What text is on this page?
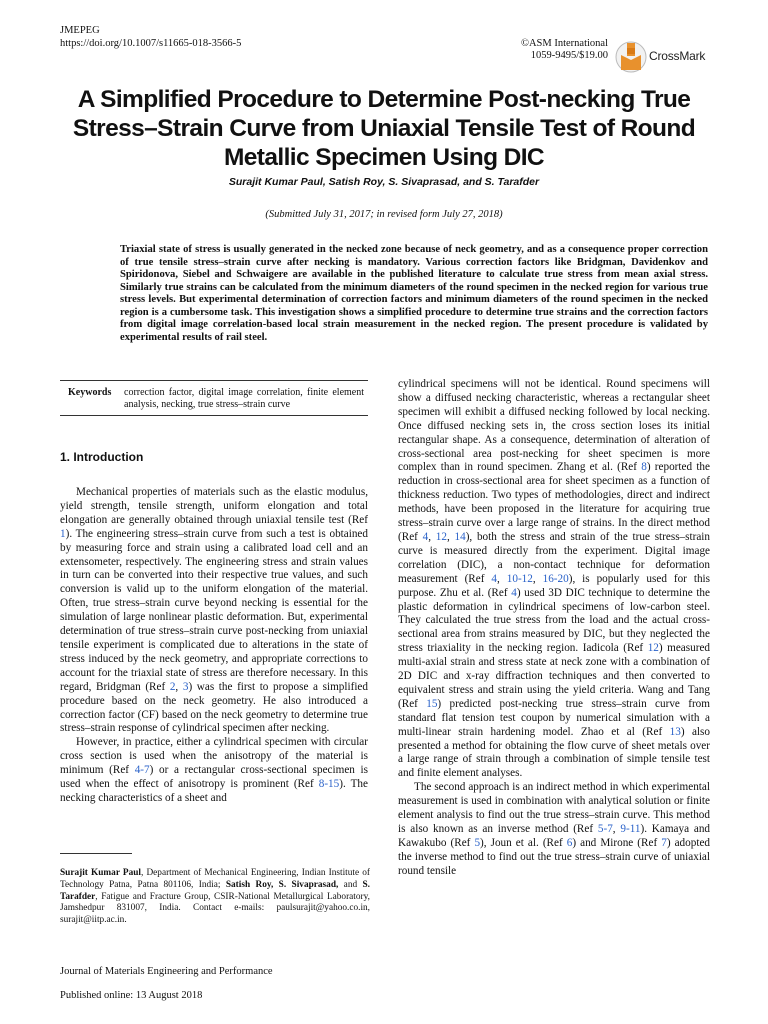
JMEPEG
https://doi.org/10.1007/s11665-018-3566-5	©ASM International
1059-9495/$19.00	CrossMark
A Simplified Procedure to Determine Post-necking True Stress–Strain Curve from Uniaxial Tensile Test of Round Metallic Specimen Using DIC
Surajit Kumar Paul, Satish Roy, S. Sivaprasad, and S. Tarafder
(Submitted July 31, 2017; in revised form July 27, 2018)
Triaxial state of stress is usually generated in the necked zone because of neck geometry, and as a consequence proper correction of true tensile stress–strain curve after necking is mandatory. Various correction factors like Bridgman, Davidenkov and Spiridonova, Siebel and Schwaigere are available in the published literature to calculate true stress from mean axial stress. Similarly true strains can be calculated from the minimum diameters of the round specimen in the necked region for various true stress levels. But experimental determination of correction factors and minimum diameters of the round specimen in the necked region is a cumbersome task. This investigation shows a simplified procedure to determine true strains and the correction factors from digital image correlation-based local strain measurement in the necked region. The present procedure is validated by experimental results of rail steel.
Keywords correction factor, digital image correlation, finite element analysis, necking, true stress–strain curve
1. Introduction

Mechanical properties of materials such as the elastic modulus, yield strength, tensile strength, uniform elongation and total elongation are generally obtained through uniaxial tensile test (Ref 1). The engineering stress–strain curve from such a test is obtained by measuring force and strain using a calibrated load cell and an extensometer, respectively. The engineering stress and strain values in turn can be converted into their respective true values, and such conversion is valid up to the uniform elongation of the material. Often, true stress–strain curve beyond necking is essential for the simulation of large nonlinear plastic deformation. But, experimental determination of true stress–strain curve post-necking from uniaxial tensile experiment is complicated due to alterations in the state of stress induced by the neck geometry, and appropriate corrections to account for the triaxial state of stress are therefore necessary. In this regard, Bridgman (Ref 2, 3) was the first to propose a simplified procedure based on the neck geometry. He also introduced a correction factor (CF) based on the neck geometry to determine true stress–strain response of cylindrical specimen after necking.

However, in practice, either a cylindrical specimen with circular cross section is used when the anisotropy of the material is minimum (Ref 4-7) or a rectangular cross-sectional specimen is used when the effect of anisotropy is prominent (Ref 8-15). The necking characteristics of a sheet and

cylindrical specimens will not be identical. Round specimens will show a diffused necking characteristic, whereas a rectangular sheet specimen will exhibit a diffused necking followed by local necking. Once diffused necking sets in, the cross section loses its initial rectangular shape. As a consequence, determination of alteration of cross-sectional area post-necking for sheet specimen is more complex than in round specimen. Zhang et al. (Ref 8) reported the reduction in cross-sectional area for sheet specimen as a function of thickness reduction. Two types of methodologies, direct and indirect methods, have been proposed in the literature for acquiring true stress–strain curve over a large range of strains. In the direct method (Ref 4, 12, 14), both the stress and strain of the true stress–strain curve is measured directly from the experiment. Digital image correlation (DIC), a non-contact technique for deformation measurement (Ref 4, 10-12, 16-20), is popularly used for this purpose. Zhu et al. (Ref 4) used 3D DIC technique to determine the plastic deformation in cylindrical specimens of low-carbon steel. They calculated the true stress from the load and the actual cross-sectional area from strains measured by DIC, but they neglected the stress triaxiality in the necking region. Iadicola (Ref 12) measured multi-axial strain and stress state at neck zone with a combination of 2D DIC and x-ray diffraction techniques and then converted to equivalent stress and strain using the yield criteria. Wang and Tang (Ref 15) predicted post-necking true stress–strain curve from standard flat tension test coupon by numerical simulation with a multi-linear strain hardening model. Zhao et al (Ref 13) also presented a method for obtaining the flow curve of sheet metals over a large range of strain through a combination of simple tensile test and finite element analyses.

The second approach is an indirect method in which experimental measurement is used in combination with analytical solution or finite element analysis to find out the true stress–strain curve. This method is also known as an inverse method (Ref 5-7, 9-11). Kamaya and Kawakubo (Ref 5), Joun et al. (Ref 6) and Mirone (Ref 7) adopted the inverse method to find out the true stress–strain curve of uniaxial round tensile

Surajit Kumar Paul, Department of Mechanical Engineering, Indian Institute of Technology Patna, Patna 801106, India; Satish Roy, S. Sivaprasad, and S. Tarafder, Fatigue and Fracture Group, CSIR-National Metallurgical Laboratory, Jamshedpur 831007, India. Contact e-mails: paulsurajit@yahoo.co.in, surajit@iitp.ac.in.
Journal of Materials Engineering and Performance
Published online: 13 August 2018
